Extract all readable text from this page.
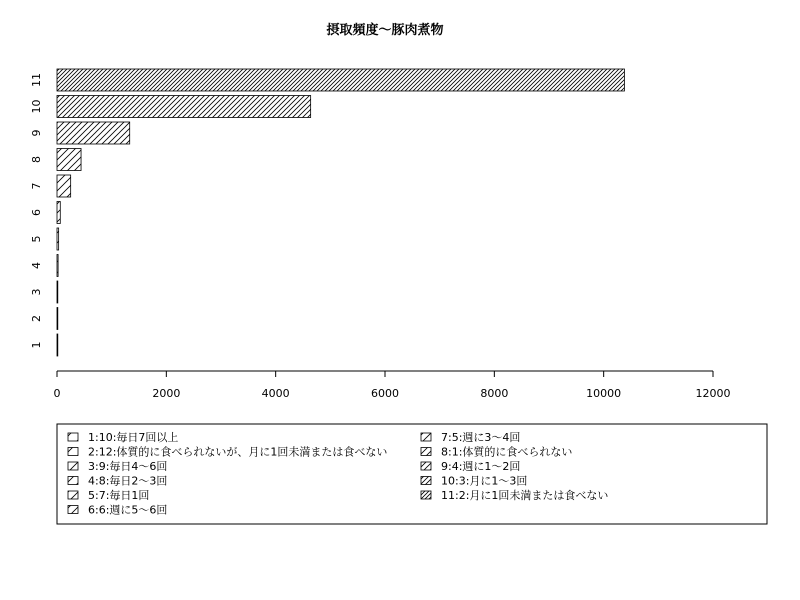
摂取頻度〜豚肉煮物
1
2
3
4
5
6
7
8
9
10
11
0	2000	4000	6000	8000	10000	12000
1:10:毎日7回以上
2:12:体質的に食べられないが、月に1回未満または食べない
3:9:毎日4〜6回
4:8:毎日2〜3回
5:7:毎日1回
6:6:週に5〜6回
7:5:週に3〜4回
8:1:体質的に食べられない
9:4:週に1〜2回
10:3:月に1〜3回
11:2:月に1回未満または食べない
